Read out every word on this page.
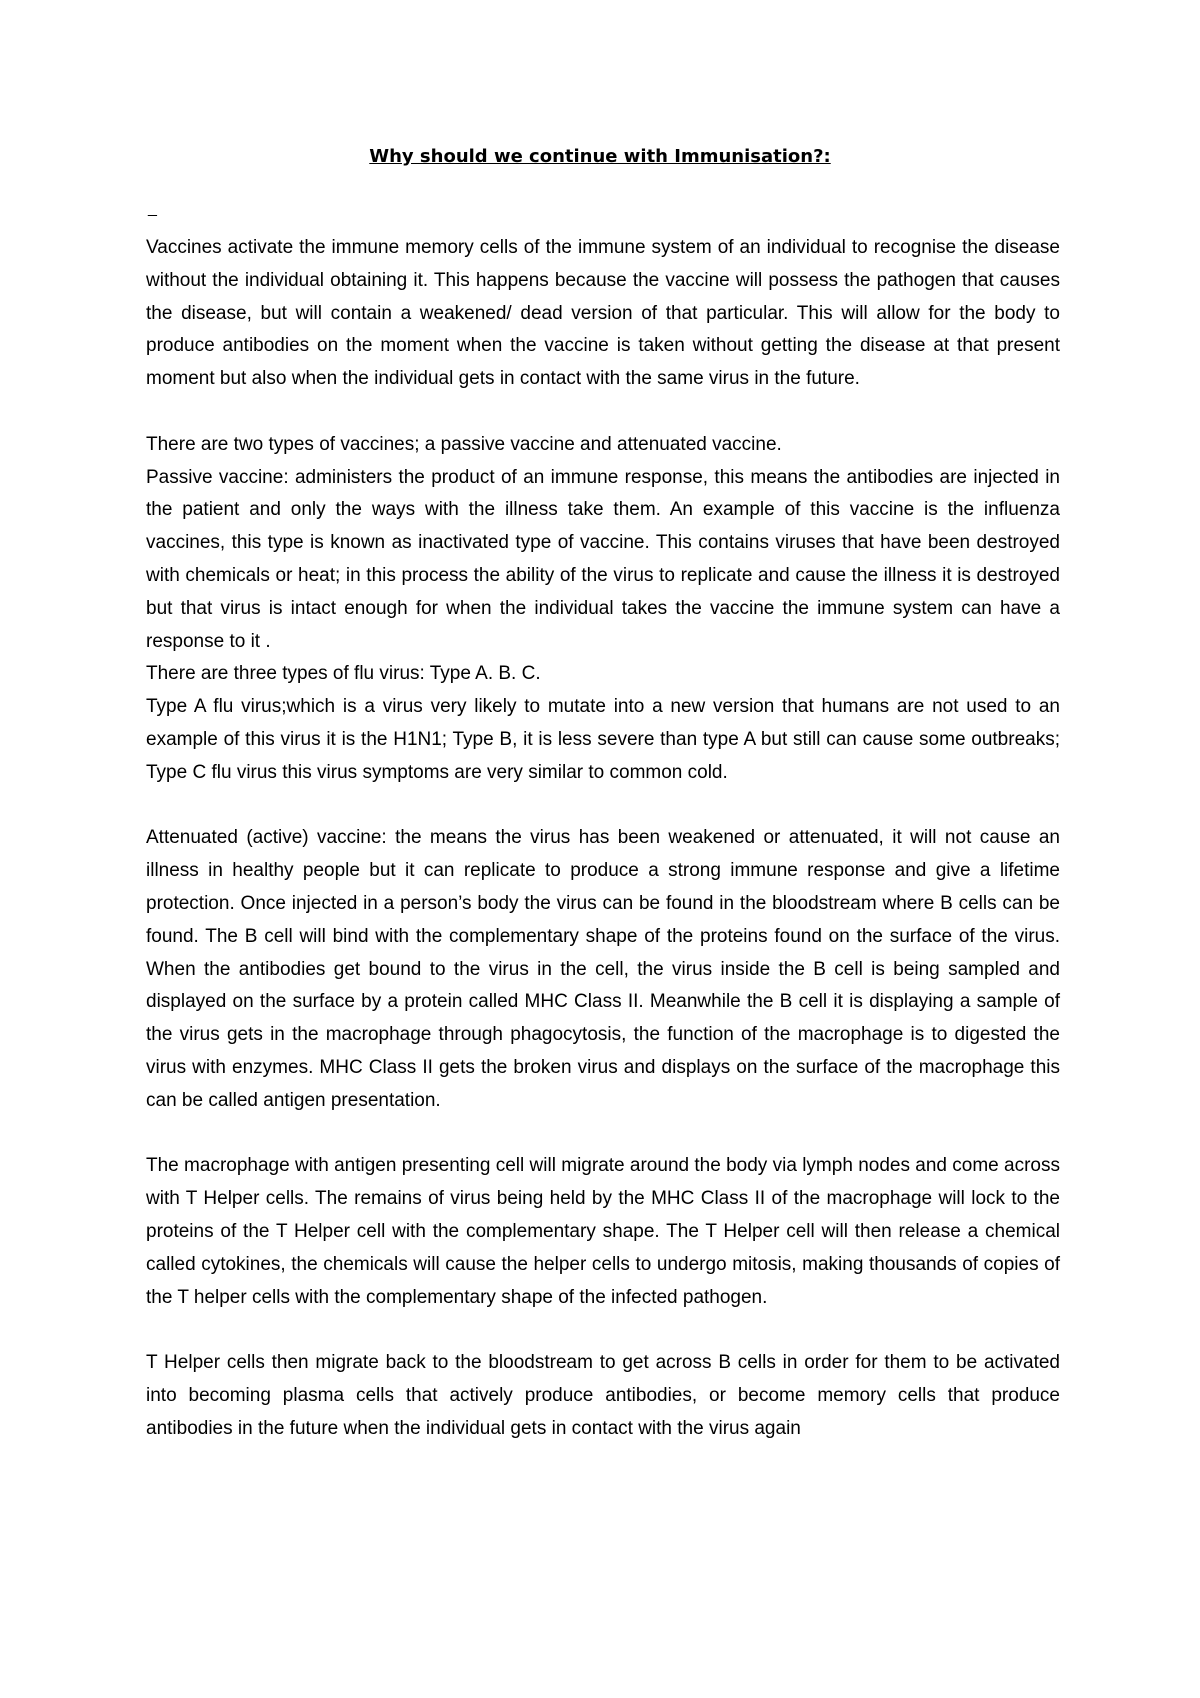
Why should we continue with Immunisation?:
_

Vaccines activate the immune memory cells of the immune system of an individual to recognise the disease without the individual obtaining it. This happens because the vaccine will possess the pathogen that causes the disease, but will contain a weakened/ dead version of that particular. This will allow for the body to produce antibodies on the moment when the vaccine is taken without getting the disease at that present moment but also when the individual gets in contact with the same virus in the future.

There are two types of vaccines; a passive vaccine and attenuated vaccine.

Passive vaccine: administers the product of an immune response, this means the antibodies are injected in the patient and only the ways with the illness take them. An example of this vaccine is the influenza vaccines, this type is known as inactivated type of vaccine. This contains viruses that have been destroyed with chemicals or heat; in this process the ability of the virus to replicate and cause the illness it is destroyed but that virus is intact enough for when the individual takes the vaccine the immune system can have a response to it .

There are three types of flu virus: Type A. B. C.

Type A flu virus;which is a virus very likely to mutate into a new version that humans are not used to an example of this virus it is the H1N1; Type B, it is less severe than type A but still can cause some outbreaks; Type C flu virus this virus symptoms are very similar to common cold.

Attenuated (active) vaccine: the means the virus has been weakened or attenuated, it will not cause an illness in healthy people but it can replicate to produce a strong immune response and give a lifetime protection. Once injected in a person’s body the virus can be found in the bloodstream where B cells can be found. The B cell will bind with the complementary shape of the proteins found on the surface of the virus. When the antibodies get bound to the virus in the cell, the virus inside the B cell is being sampled and displayed on the surface by a protein called MHC Class II. Meanwhile the B cell it is displaying a sample of the virus gets in the macrophage through phagocytosis, the function of the macrophage is to digested the virus with enzymes. MHC Class II gets the broken virus and displays on the surface of the macrophage this can be called antigen presentation.

The macrophage with antigen presenting cell will migrate around the body via lymph nodes and come across with T Helper cells. The remains of virus being held by the MHC Class II of the macrophage will lock to the proteins of the T Helper cell with the complementary shape. The T Helper cell will then release a chemical called cytokines, the chemicals will cause the helper cells to undergo mitosis, making thousands of copies of the T helper cells with the complementary shape of the infected pathogen.

T Helper cells then migrate back to the bloodstream to get across B cells in order for them to be activated into becoming plasma cells that actively produce antibodies, or become memory cells that produce antibodies in the future when the individual gets in contact with the virus again
